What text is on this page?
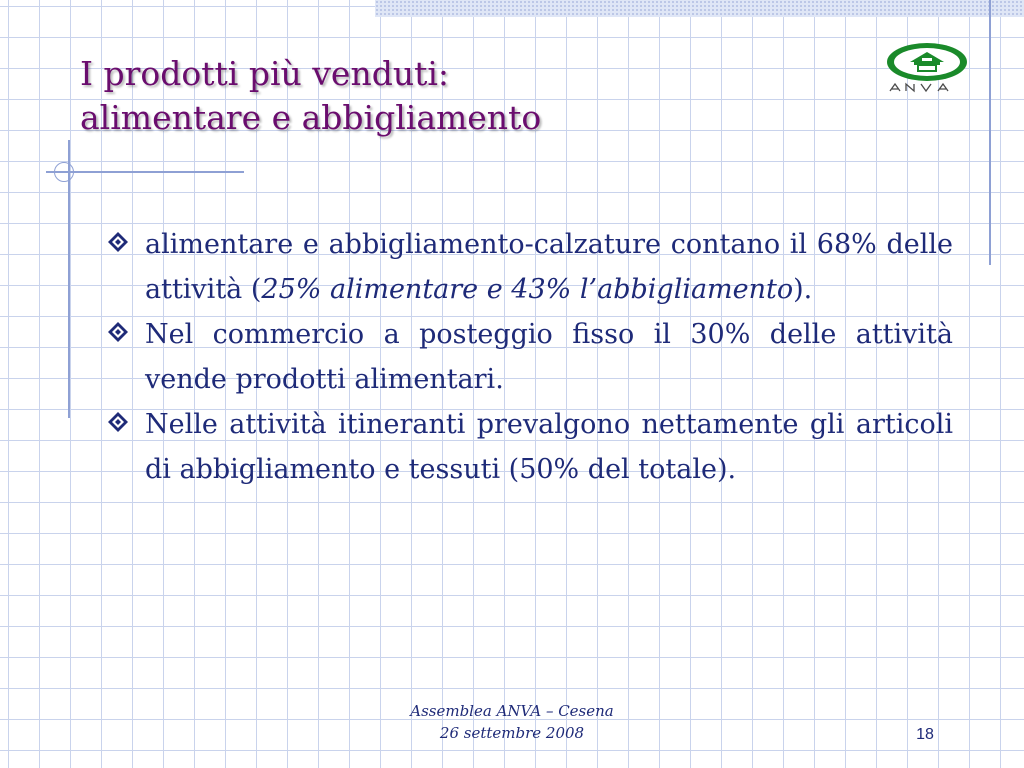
I prodotti più venduti:
alimentare e abbigliamento
alimentare e abbigliamento-calzature contano il 68% delle attività (25% alimentare e 43% l’abbigliamento).
Nel commercio a posteggio fisso il 30% delle attività vende prodotti alimentari.
Nelle attività itineranti prevalgono nettamente gli articoli di abbigliamento e tessuti (50% del totale).
Assemblea ANVA – Cesena
26 settembre 2008	18
